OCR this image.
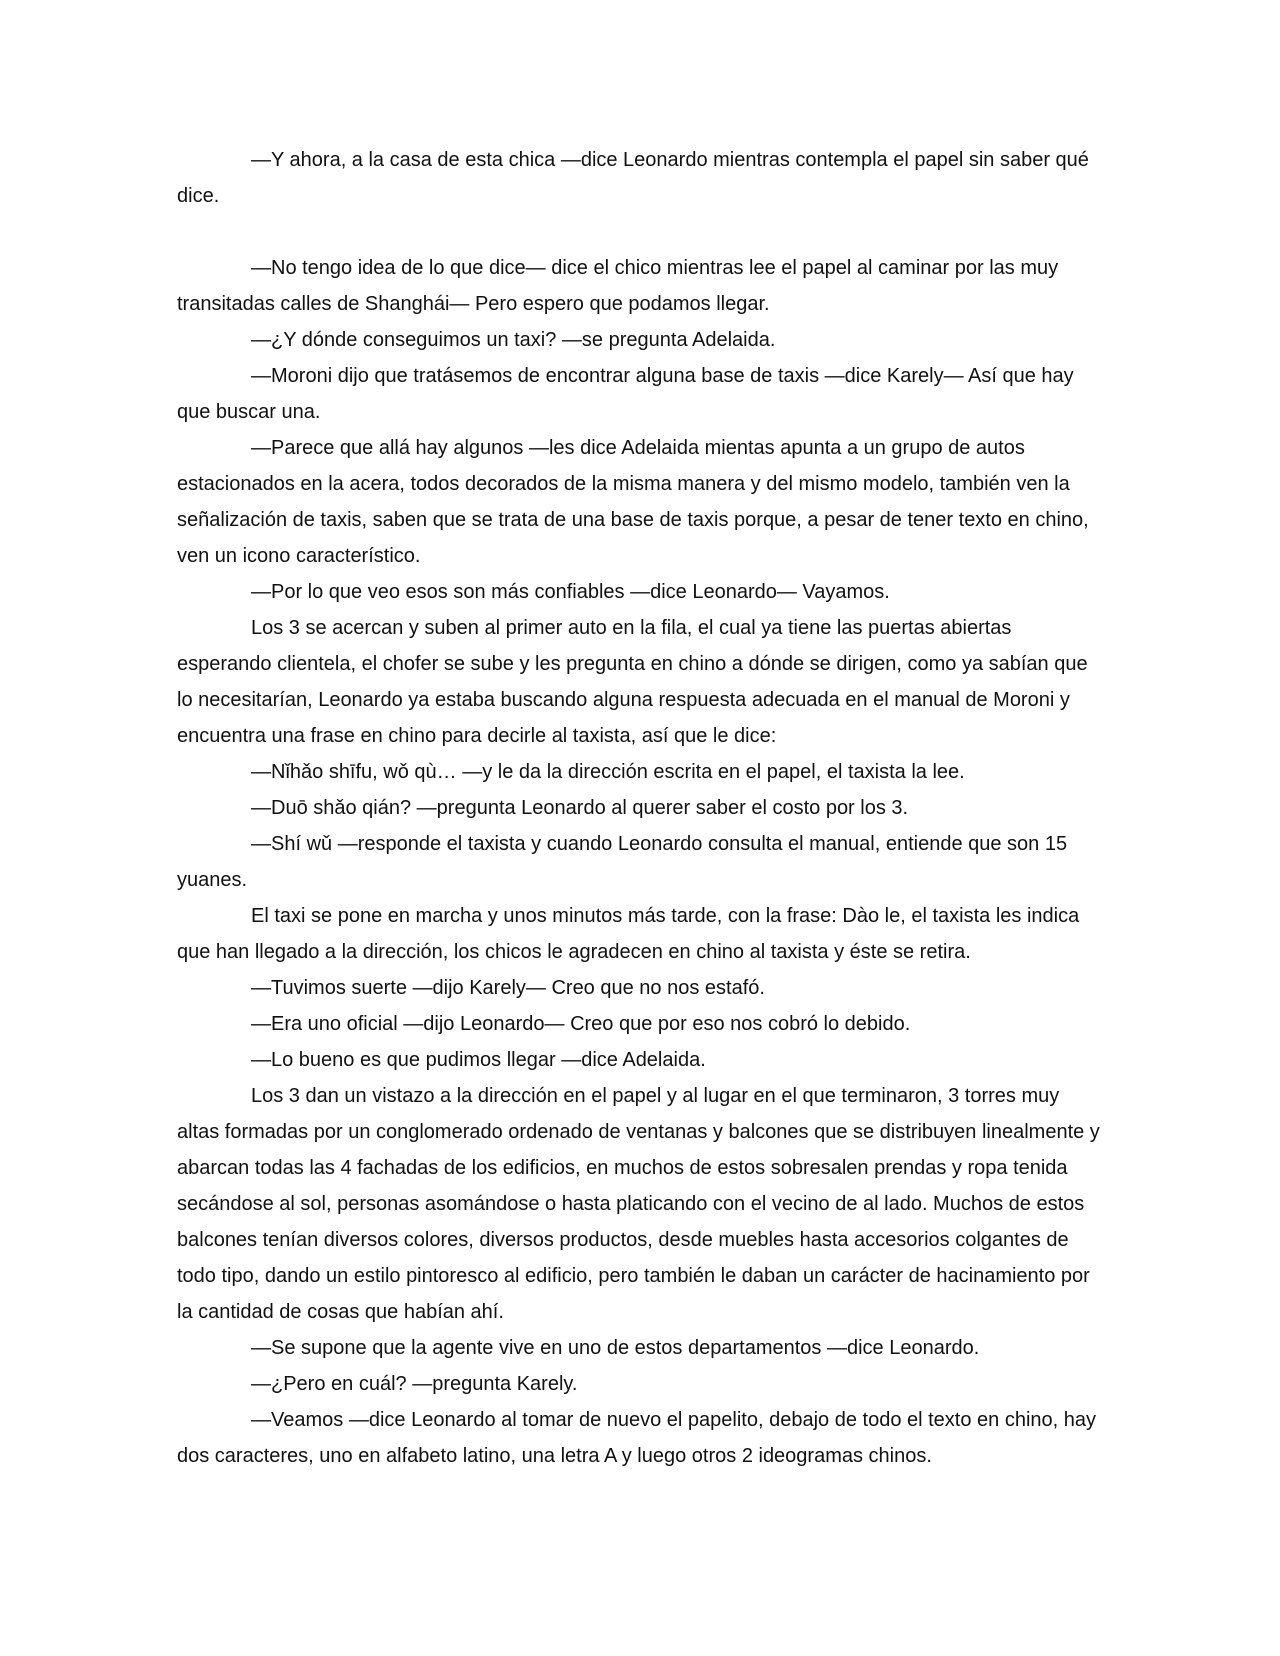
—Y ahora, a la casa de esta chica —dice Leonardo mientras contempla el papel sin saber qué dice.

—No tengo idea de lo que dice— dice el chico mientras lee el papel al caminar por las muy transitadas calles de Shanghái— Pero espero que podamos llegar.

—¿Y dónde conseguimos un taxi? —se pregunta Adelaida.

—Moroni dijo que tratásemos de encontrar alguna base de taxis —dice Karely— Así que hay que buscar una.

—Parece que allá hay algunos —les dice Adelaida mientas apunta a un grupo de autos estacionados en la acera, todos decorados de la misma manera y del mismo modelo, también ven la señalización de taxis, saben que se trata de una base de taxis porque, a pesar de tener texto en chino, ven un icono característico.

—Por lo que veo esos son más confiables —dice Leonardo— Vayamos.

Los 3 se acercan y suben al primer auto en la fila, el cual ya tiene las puertas abiertas esperando clientela, el chofer se sube y les pregunta en chino a dónde se dirigen, como ya sabían que lo necesitarían, Leonardo ya estaba buscando alguna respuesta adecuada en el manual de Moroni y encuentra una frase en chino para decirle al taxista, así que le dice:

—Nǐhǎo shīfu, wǒ qù… —y le da la dirección escrita en el papel, el taxista la lee.

—Duō shǎo qián? —pregunta Leonardo al querer saber el costo por los 3.

—Shí wǔ —responde el taxista y cuando Leonardo consulta el manual, entiende que son 15 yuanes.

El taxi se pone en marcha y unos minutos más tarde, con la frase: Dào le, el taxista les indica que han llegado a la dirección, los chicos le agradecen en chino al taxista y éste se retira.

—Tuvimos suerte —dijo Karely— Creo que no nos estafó.

—Era uno oficial —dijo Leonardo— Creo que por eso nos cobró lo debido.

—Lo bueno es que pudimos llegar —dice Adelaida.

Los 3 dan un vistazo a la dirección en el papel y al lugar en el que terminaron, 3 torres muy altas formadas por un conglomerado ordenado de ventanas y balcones que se distribuyen linealmente y abarcan todas las 4 fachadas de los edificios, en muchos de estos sobresalen prendas y ropa tenida secándose al sol, personas asomándose o hasta platicando con el vecino de al lado. Muchos de estos balcones tenían diversos colores, diversos productos, desde muebles hasta accesorios colgantes de todo tipo, dando un estilo pintoresco al edificio, pero también le daban un carácter de hacinamiento por la cantidad de cosas que habían ahí.

—Se supone que la agente vive en uno de estos departamentos —dice Leonardo.

—¿Pero en cuál? —pregunta Karely.

—Veamos —dice Leonardo al tomar de nuevo el papelito, debajo de todo el texto en chino, hay dos caracteres, uno en alfabeto latino, una letra A y luego otros 2 ideogramas chinos.
